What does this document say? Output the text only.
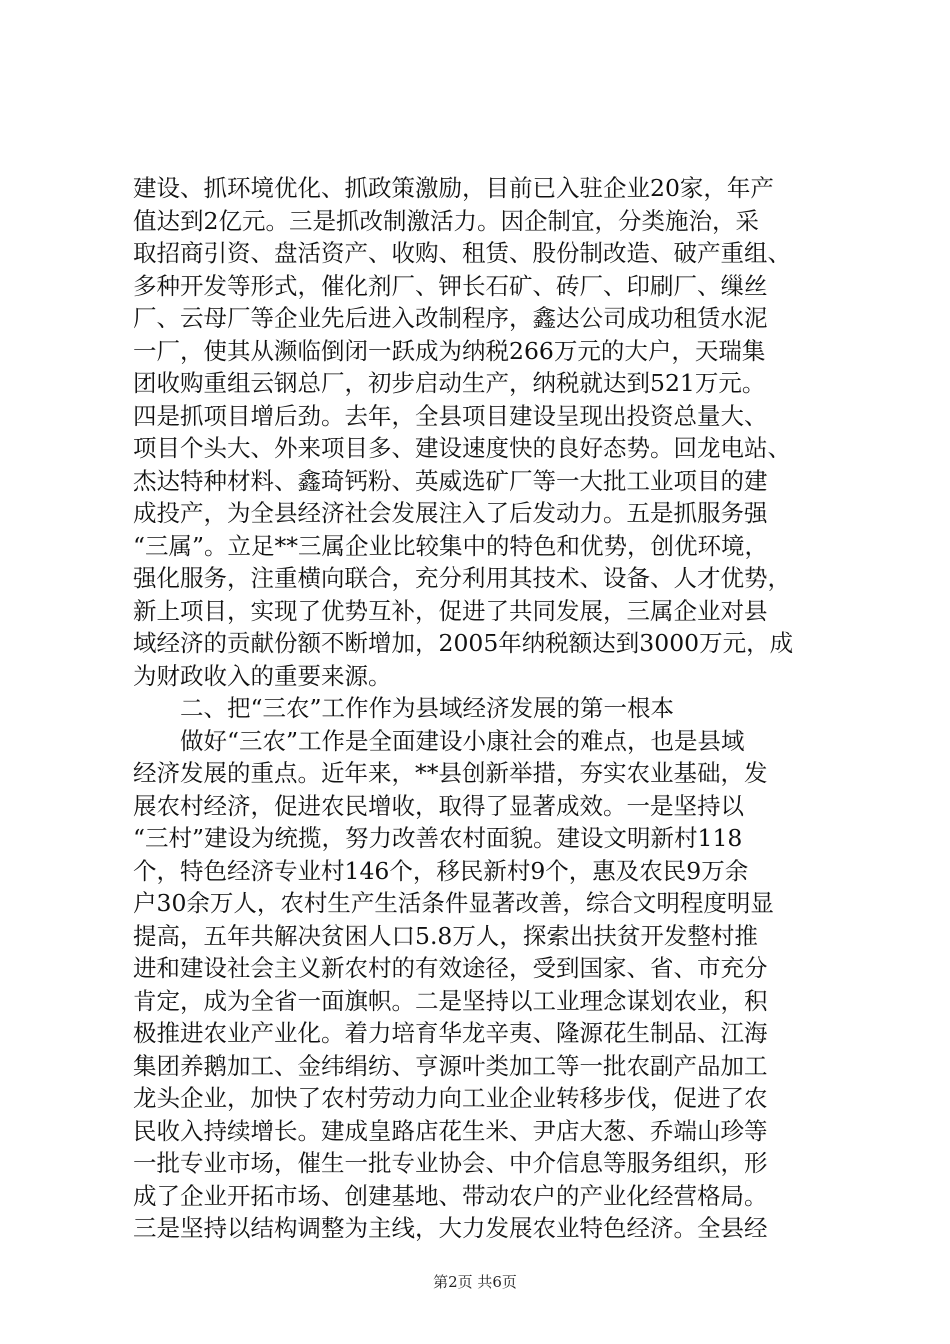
建设、抓环境优化、抓政策激励，目前已入驻企业20家，年产
值达到2亿元。三是抓改制激活力。因企制宜，分类施治，采
取招商引资、盘活资产、收购、租赁、股份制改造、破产重组、
多种开发等形式，催化剂厂、钾长石矿、砖厂、印刷厂、缫丝
厂、云母厂等企业先后进入改制程序，鑫达公司成功租赁水泥
一厂，使其从濒临倒闭一跃成为纳税266万元的大户，天瑞集
团收购重组云钢总厂，初步启动生产，纳税就达到521万元。
四是抓项目增后劲。去年，全县项目建设呈现出投资总量大、
项目个头大、外来项目多、建设速度快的良好态势。回龙电站、
杰达特种材料、鑫琦钙粉、英威选矿厂等一大批工业项目的建
成投产，为全县经济社会发展注入了后发动力。五是抓服务强
“三属”。立足**三属企业比较集中的特色和优势，创优环境，
强化服务，注重横向联合，充分利用其技术、设备、人才优势，
新上项目，实现了优势互补，促进了共同发展，三属企业对县
域经济的贡献份额不断增加，2005年纳税额达到3000万元，成
为财政收入的重要来源。
　　二、把“三农”工作作为县域经济发展的第一根本
　　做好“三农”工作是全面建设小康社会的难点，也是县域
经济发展的重点。近年来，**县创新举措，夯实农业基础，发
展农村经济，促进农民增收，取得了显著成效。一是坚持以
“三村”建设为统揽，努力改善农村面貌。建设文明新村118
个，特色经济专业村146个，移民新村9个，惠及农民9万余
户30余万人，农村生产生活条件显著改善，综合文明程度明显
提高，五年共解决贫困人口5.8万人，探索出扶贫开发整村推
进和建设社会主义新农村的有效途径，受到国家、省、市充分
肯定，成为全省一面旗帜。二是坚持以工业理念谋划农业，积
极推进农业产业化。着力培育华龙辛夷、隆源花生制品、江海
集团养鹅加工、金纬绢纺、亨源叶类加工等一批农副产品加工
龙头企业，加快了农村劳动力向工业企业转移步伐，促进了农
民收入持续增长。建成皇路店花生米、尹店大葱、乔端山珍等
一批专业市场，催生一批专业协会、中介信息等服务组织，形
成了企业开拓市场、创建基地、带动农户的产业化经营格局。
三是坚持以结构调整为主线，大力发展农业特色经济。全县经
第2页 共6页
